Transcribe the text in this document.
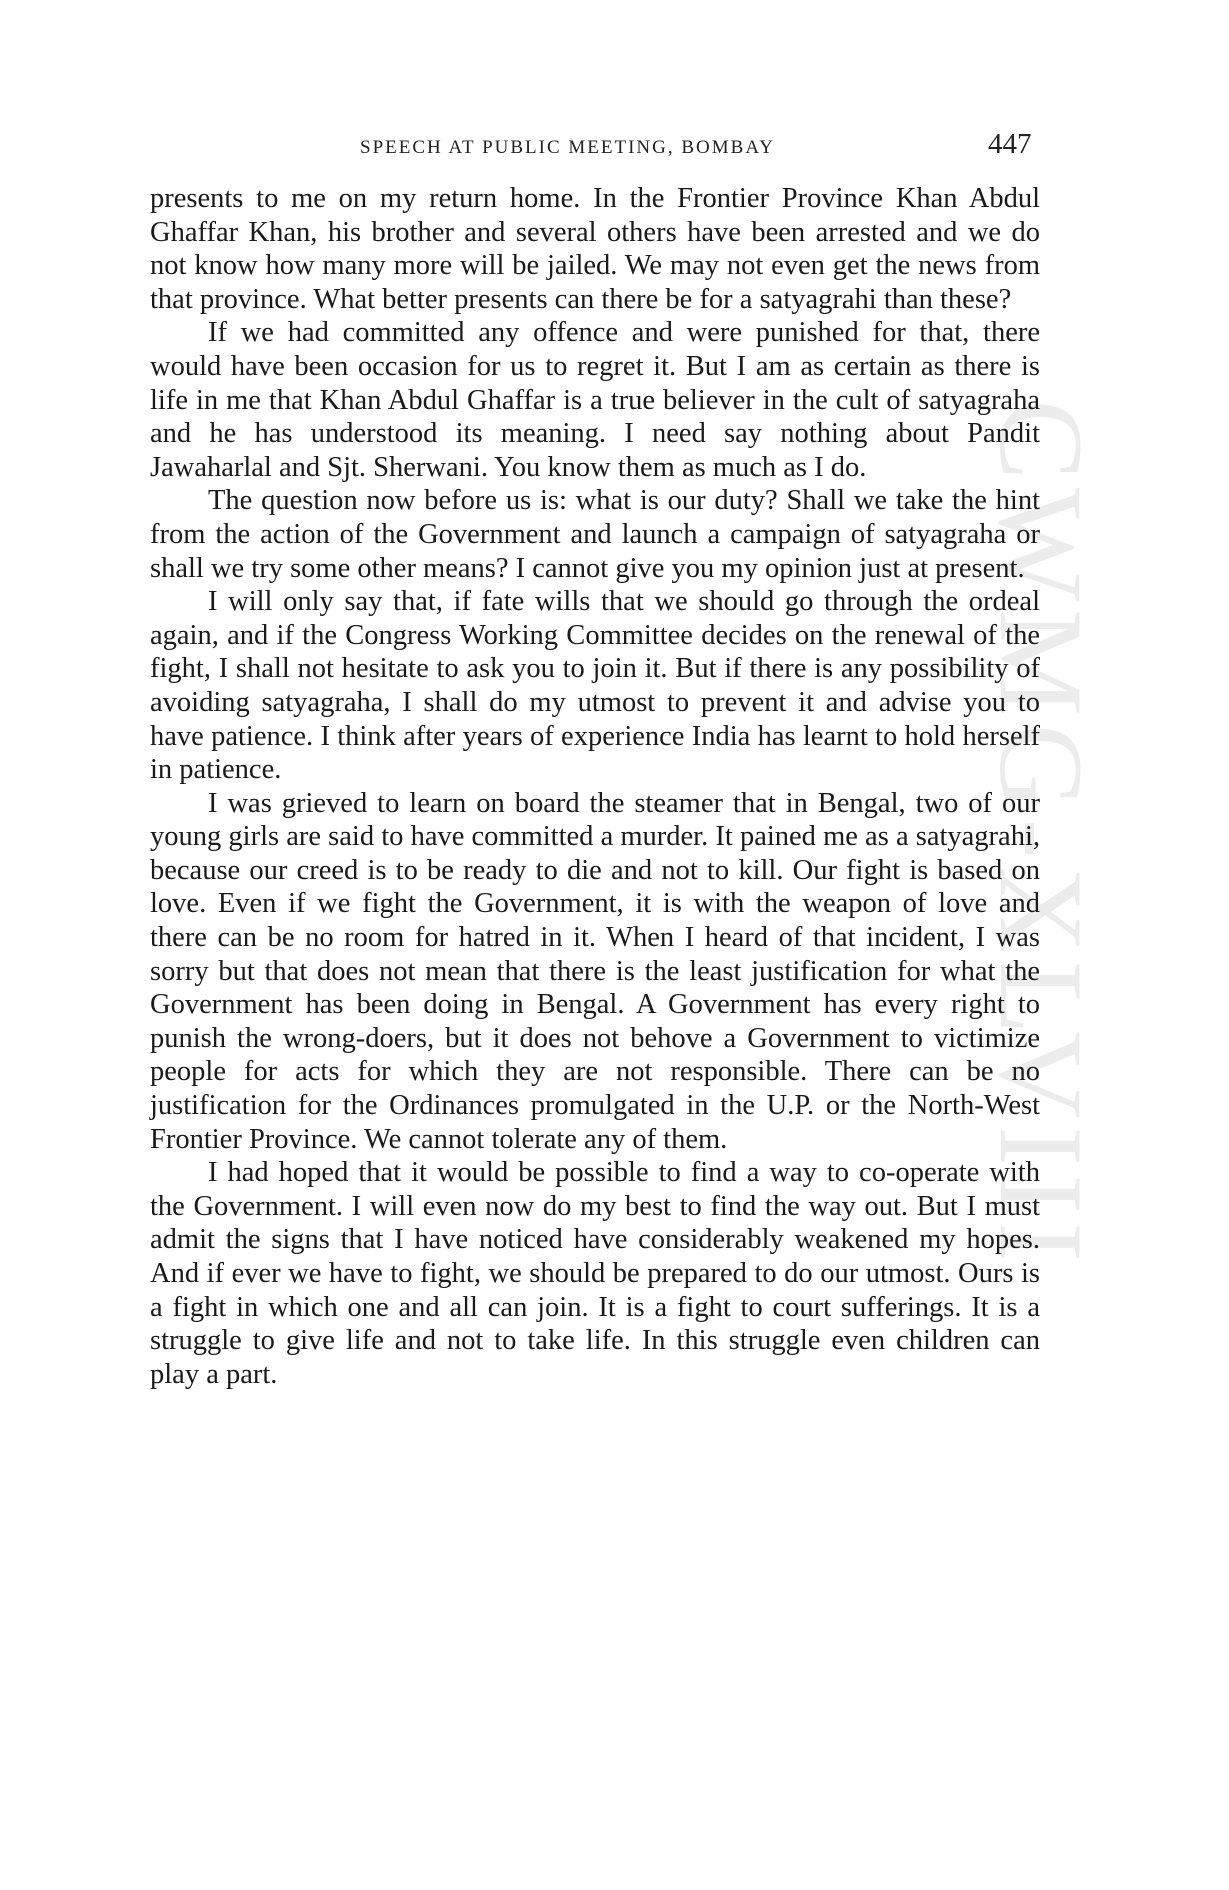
CWMG-XLVIII
SPEECH AT PUBLIC MEETING, BOMBAY	447

presents to me on my return home. In the Frontier Province Khan Abdul Ghaffar Khan, his brother and several others have been arrested and we do not know how many more will be jailed. We may not even get the news from that province. What better presents can there be for a satyagrahi than these?

If we had committed any offence and were punished for that, there would have been occasion for us to regret it. But I am as certain as there is life in me that Khan Abdul Ghaffar is a true believer in the cult of satyagraha and he has understood its meaning. I need say nothing about Pandit Jawaharlal and Sjt. Sherwani. You know them as much as I do.

The question now before us is: what is our duty? Shall we take the hint from the action of the Government and launch a campaign of satyagraha or shall we try some other means? I cannot give you my opinion just at present.

I will only say that, if fate wills that we should go through the ordeal again, and if the Congress Working Committee decides on the renewal of the fight, I shall not hesitate to ask you to join it. But if there is any possibility of avoiding satyagraha, I shall do my utmost to prevent it and advise you to have patience. I think after years of experience India has learnt to hold herself in patience.

I was grieved to learn on board the steamer that in Bengal, two of our young girls are said to have committed a murder. It pained me as a satyagrahi, because our creed is to be ready to die and not to kill. Our fight is based on love. Even if we fight the Government, it is with the weapon of love and there can be no room for hatred in it. When I heard of that incident, I was sorry but that does not mean that there is the least justification for what the Government has been doing in Bengal. A Government has every right to punish the wrong-doers, but it does not behove a Government to victimize people for acts for which they are not responsible. There can be no justification for the Ordinances promulgated in the U.P. or the North-West Frontier Province. We cannot tolerate any of them.

I had hoped that it would be possible to find a way to co-operate with the Government. I will even now do my best to find the way out. But I must admit the signs that I have noticed have considerably weakened my hopes. And if ever we have to fight, we should be prepared to do our utmost. Ours is a fight in which one and all can join. It is a fight to court sufferings. It is a struggle to give life and not to take life. In this struggle even children can play a part.
